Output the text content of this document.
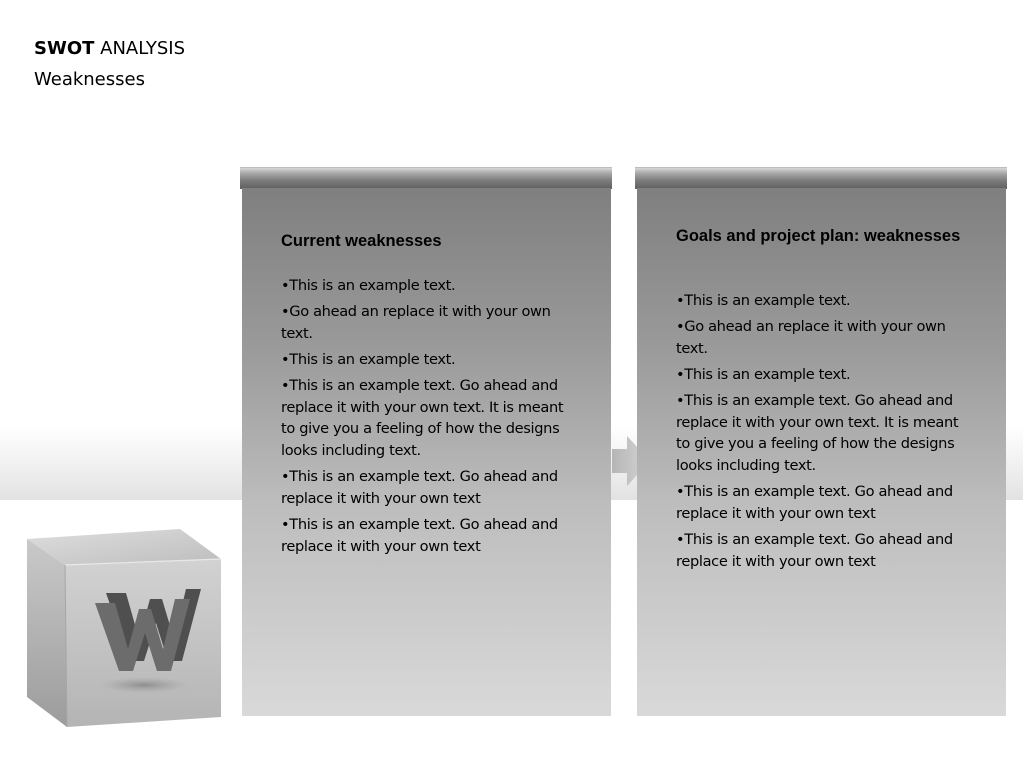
SWOT ANALYSIS
Weaknesses
Current weaknesses
•This is an example text.
•Go ahead an replace it with your own text.
•This is an example text.
•This is an example text. Go ahead and replace it with your own text. It is meant to give you a feeling of how the designs looks including text.
•This is an example text. Go ahead and replace it with your own text
•This is an example text. Go ahead and replace it with your own text
Goals and project plan: weaknesses
•This is an example text.
•Go ahead an replace it with your own text.
•This is an example text.
•This is an example text. Go ahead and replace it with your own text. It is meant to give you a feeling of how the designs looks including text.
•This is an example text. Go ahead and replace it with your own text
•This is an example text. Go ahead and replace it with your own text
